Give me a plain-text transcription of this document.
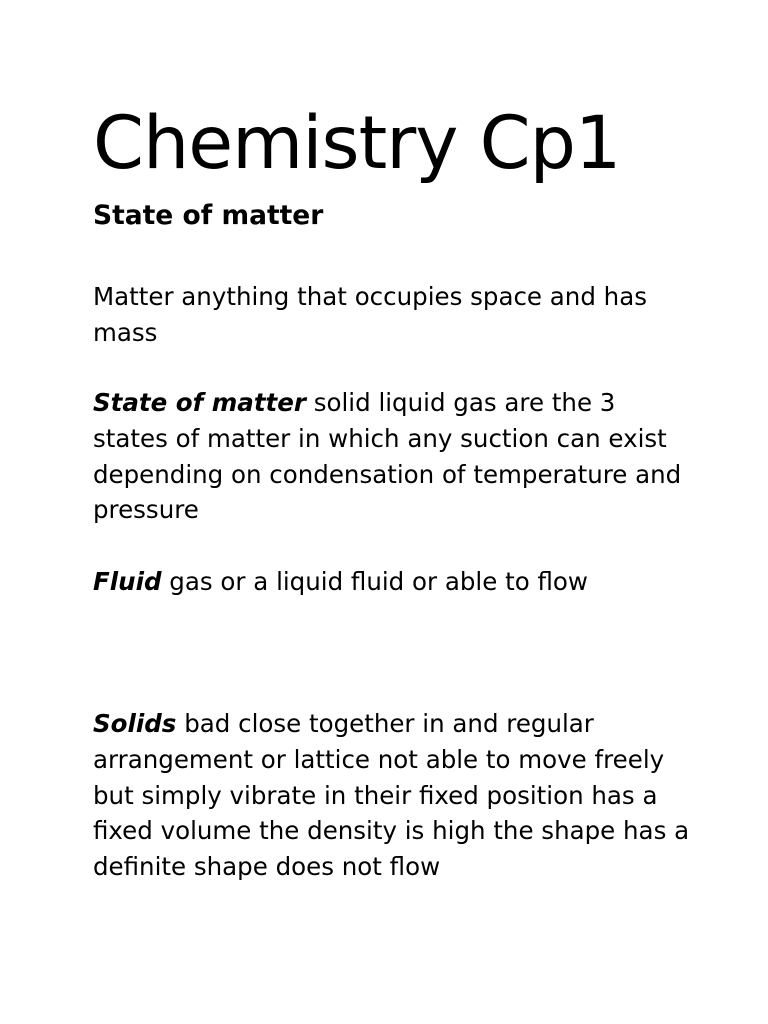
Chemistry Cp1
State of matter

Matter anything that occupies space and has mass

State of matter solid liquid gas are the 3 states of matter in which any suction can exist depending on condensation of temperature and pressure

Fluid gas or a liquid fluid or able to flow

Solids bad close together in and regular arrangement or lattice not able to move freely but simply vibrate in their fixed position has a fixed volume the density is high the shape has a definite shape does not flow
